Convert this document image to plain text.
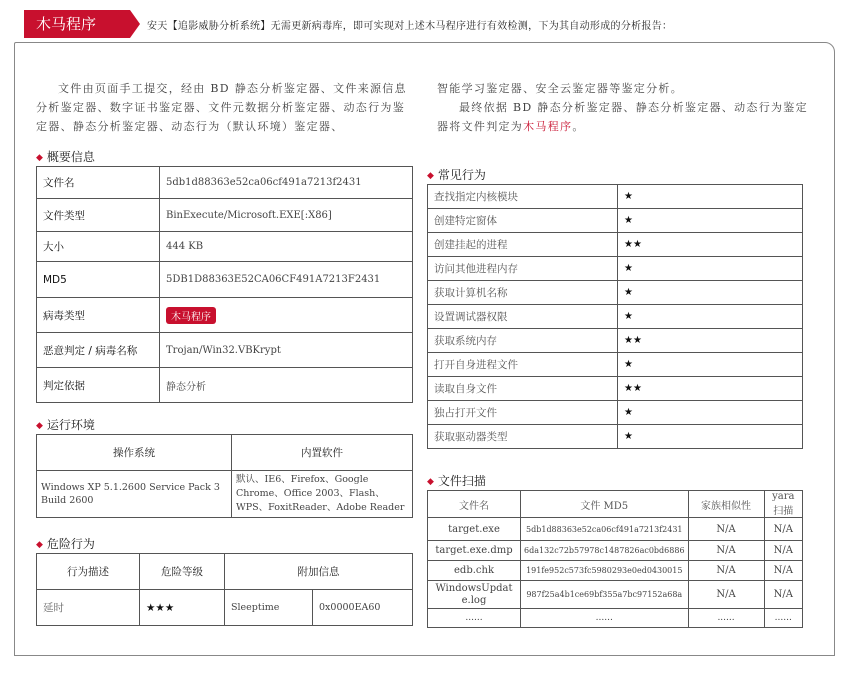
木马程序	安天【追影威胁分析系统】无需更新病毒库，即可实现对上述木马程序进行有效检测，下为其自动形成的分析报告：
文件由页面手工提交，经由 BD 静态分析鉴定器、文件来源信息分析鉴定器、数字证书鉴定器、文件元数据分析鉴定器、动态行为鉴定器、静态分析鉴定器、动态行为（默认环境）鉴定器、
智能学习鉴定器、安全云鉴定器等鉴定分析。
最终依据 BD 静态分析鉴定器、静态分析鉴定器、动态行为鉴定器将文件判定为木马程序。
◆ 概要信息
文件名	5db1d88363e52ca06cf491a7213f2431
文件类型	BinExecute/Microsoft.EXE[:X86]
大小	444 KB
MD5	5DB1D88363E52CA06CF491A7213F2431
病毒类型	木马程序
恶意判定 / 病毒名称	Trojan/Win32.VBKrypt
判定依据	静态分析
◆ 运行环境
操作系统	内置软件
Windows XP 5.1.2600 Service Pack 3 Build 2600	默认、IE6、Firefox、Google Chrome、Office 2003、Flash、WPS、FoxitReader、Adobe Reader
◆ 危险行为
行为描述	危险等级	附加信息	
延时	★★★	Sleeptime	0x0000EA60
◆ 常见行为
查找指定内核模块	★
创建特定窗体	★
创建挂起的进程	★★
访问其他进程内存	★
获取计算机名称	★
设置调试器权限	★
获取系统内存	★★
打开自身进程文件	★
读取自身文件	★★
独占打开文件	★
获取驱动器类型	★
◆ 文件扫描
文件名	文件 MD5	家族相似性	yara 扫描
target.exe	5db1d88363e52ca06cf491a7213f2431	N/A	N/A
target.exe.dmp	6da132c72b57978c1487826ac0bd6886	N/A	N/A
edb.chk	191fe952c573fc5980293e0ed0430015	N/A	N/A
WindowsUpdate.log	987f25a4b1ce69bf355a7bc97152a68a	N/A	N/A
......	......	......	......
